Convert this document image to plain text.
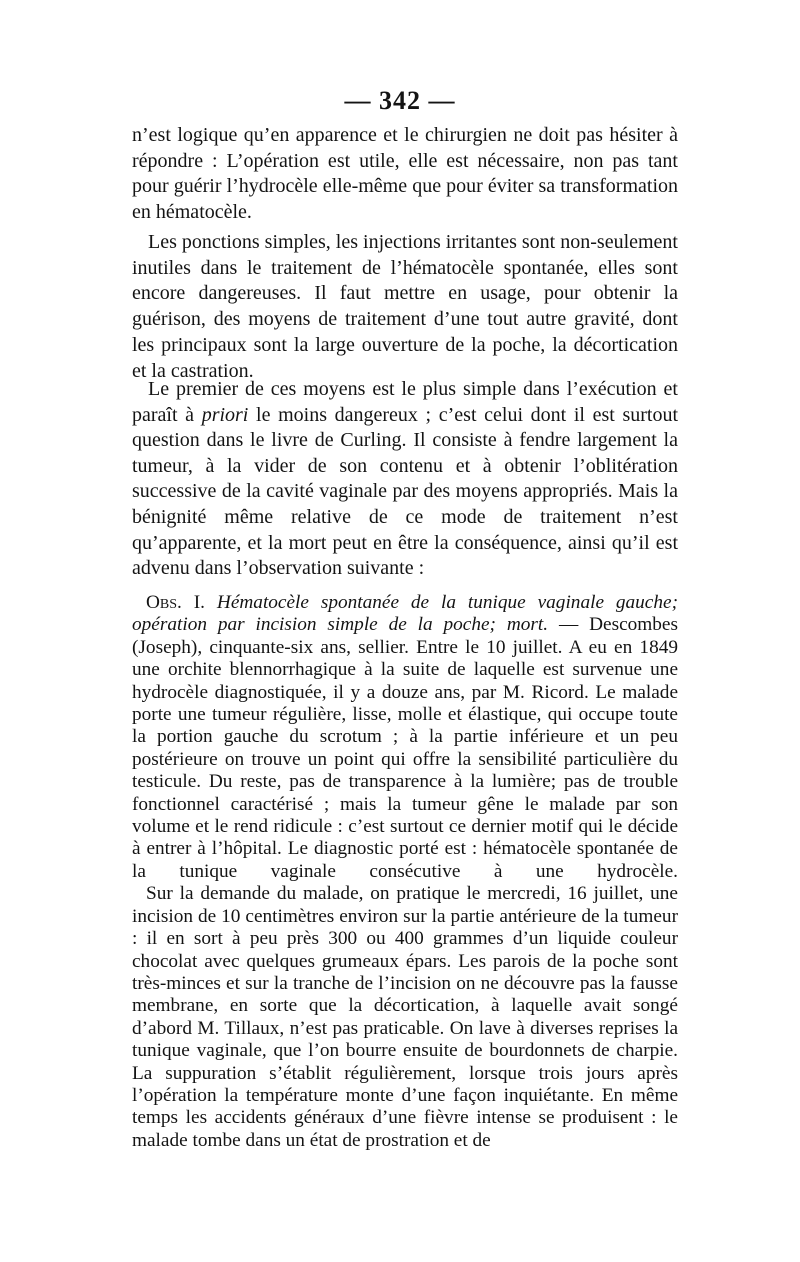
— 342 —

n’est logique qu’en apparence et le chirurgien ne doit pas hésiter à répondre : L’opération est utile, elle est nécessaire, non pas tant pour guérir l’hydrocèle elle-même que pour éviter sa transformation en hématocèle.

Les ponctions simples, les injections irritantes sont non-seulement inutiles dans le traitement de l’hématocèle spontanée, elles sont encore dangereuses. Il faut mettre en usage, pour obtenir la guérison, des moyens de traitement d’une tout autre gravité, dont les principaux sont la large ouverture de la poche, la décortication et la castration.

Le premier de ces moyens est le plus simple dans l’exécution et paraît à priori le moins dangereux ; c’est celui dont il est surtout question dans le livre de Curling. Il consiste à fendre largement la tumeur, à la vider de son contenu et à obtenir l’oblitération successive de la cavité vaginale par des moyens appropriés. Mais la bénignité même relative de ce mode de traitement n’est qu’apparente, et la mort peut en être la conséquence, ainsi qu’il est advenu dans l’observation suivante :

Obs. I. Hématocèle spontanée de la tunique vaginale gauche; opération par incision simple de la poche; mort. — Descombes (Joseph), cinquante-six ans, sellier. Entre le 10 juillet. A eu en 1849 une orchite blennorrhagique à la suite de laquelle est survenue une hydrocèle diagnostiquée, il y a douze ans, par M. Ricord. Le malade porte une tumeur régulière, lisse, molle et élastique, qui occupe toute la portion gauche du scrotum ; à la partie inférieure et un peu postérieure on trouve un point qui offre la sensibilité particulière du testicule. Du reste, pas de transparence à la lumière; pas de trouble fonctionnel caractérisé ; mais la tumeur gêne le malade par son volume et le rend ridicule : c’est surtout ce dernier motif qui le décide à entrer à l’hôpital. Le diagnostic porté est : hématocèle spontanée de la tunique vaginale consécutive à une hydrocèle.

Sur la demande du malade, on pratique le mercredi, 16 juillet, une incision de 10 centimètres environ sur la partie antérieure de la tumeur : il en sort à peu près 300 ou 400 grammes d’un liquide couleur chocolat avec quelques grumeaux épars. Les parois de la poche sont très-minces et sur la tranche de l’incision on ne découvre pas la fausse membrane, en sorte que la décortication, à laquelle avait songé d’abord M. Tillaux, n’est pas praticable. On lave à diverses reprises la tunique vaginale, que l’on bourre ensuite de bourdonnets de charpie. La suppuration s’établit régulièrement, lorsque trois jours après l’opération la température monte d’une façon inquiétante. En même temps les accidents généraux d’une fièvre intense se produisent : le malade tombe dans un état de prostration et de
